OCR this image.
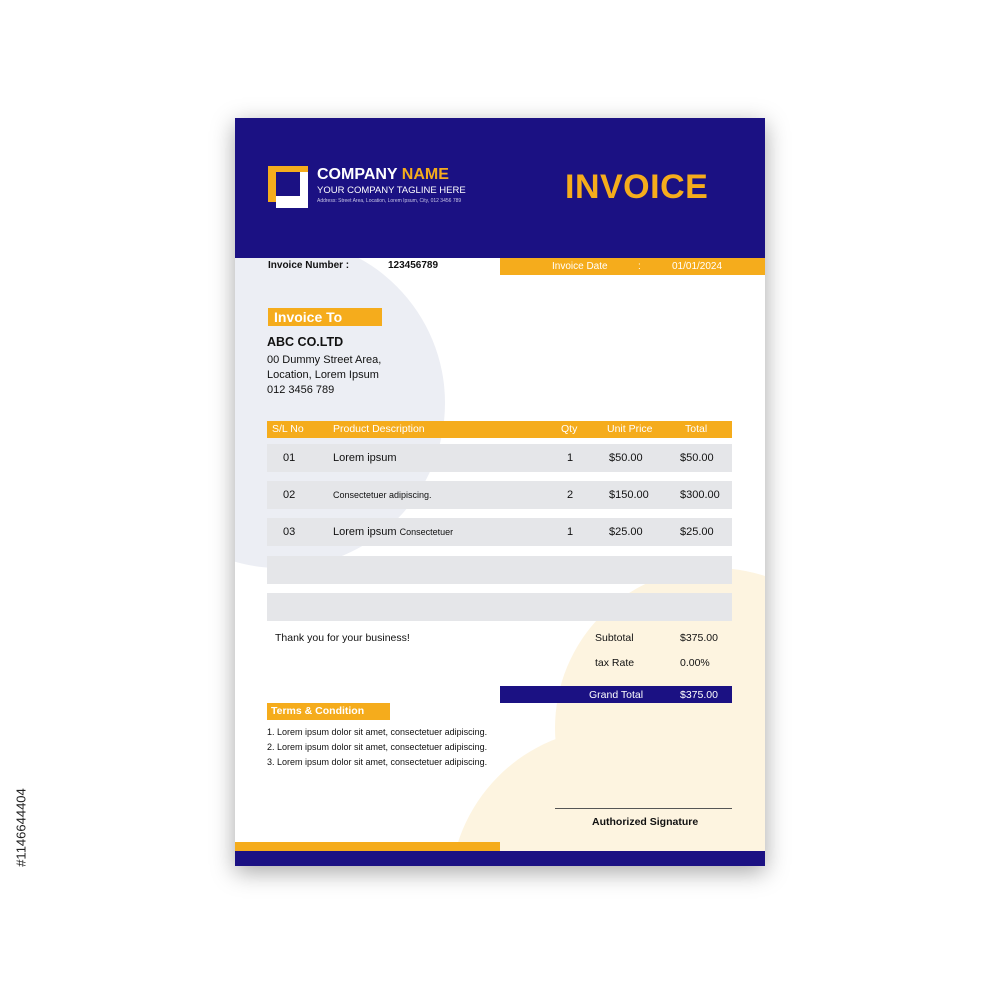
COMPANY NAME
YOUR COMPANY TAGLINE HERE
Address: Street Area, Location, Lorem Ipsum, City, 012 3456 789	INVOICE
Invoice Number :	123456789	Invoice Date	:	01/01/2024
Invoice To
ABC CO.LTD
00 Dummy Street Area,
Location, Lorem Ipsum
012 3456 789
S/L No	Product Description	Qty	Unit Price	Total
01	Lorem ipsum	1	$50.00	$50.00
02	Consectetuer adipiscing.	2	$150.00	$300.00
03	Lorem ipsum Consectetuer	1	$25.00	$25.00
Thank you for your business!	Subtotal	$375.00
tax Rate	0.00%
Grand Total	$375.00
Terms & Condition
1. Lorem ipsum dolor sit amet, consectetuer adipiscing.
2. Lorem ipsum dolor sit amet, consectetuer adipiscing.
3. Lorem ipsum dolor sit amet, consectetuer adipiscing.
Authorized Signature
#1146644404
